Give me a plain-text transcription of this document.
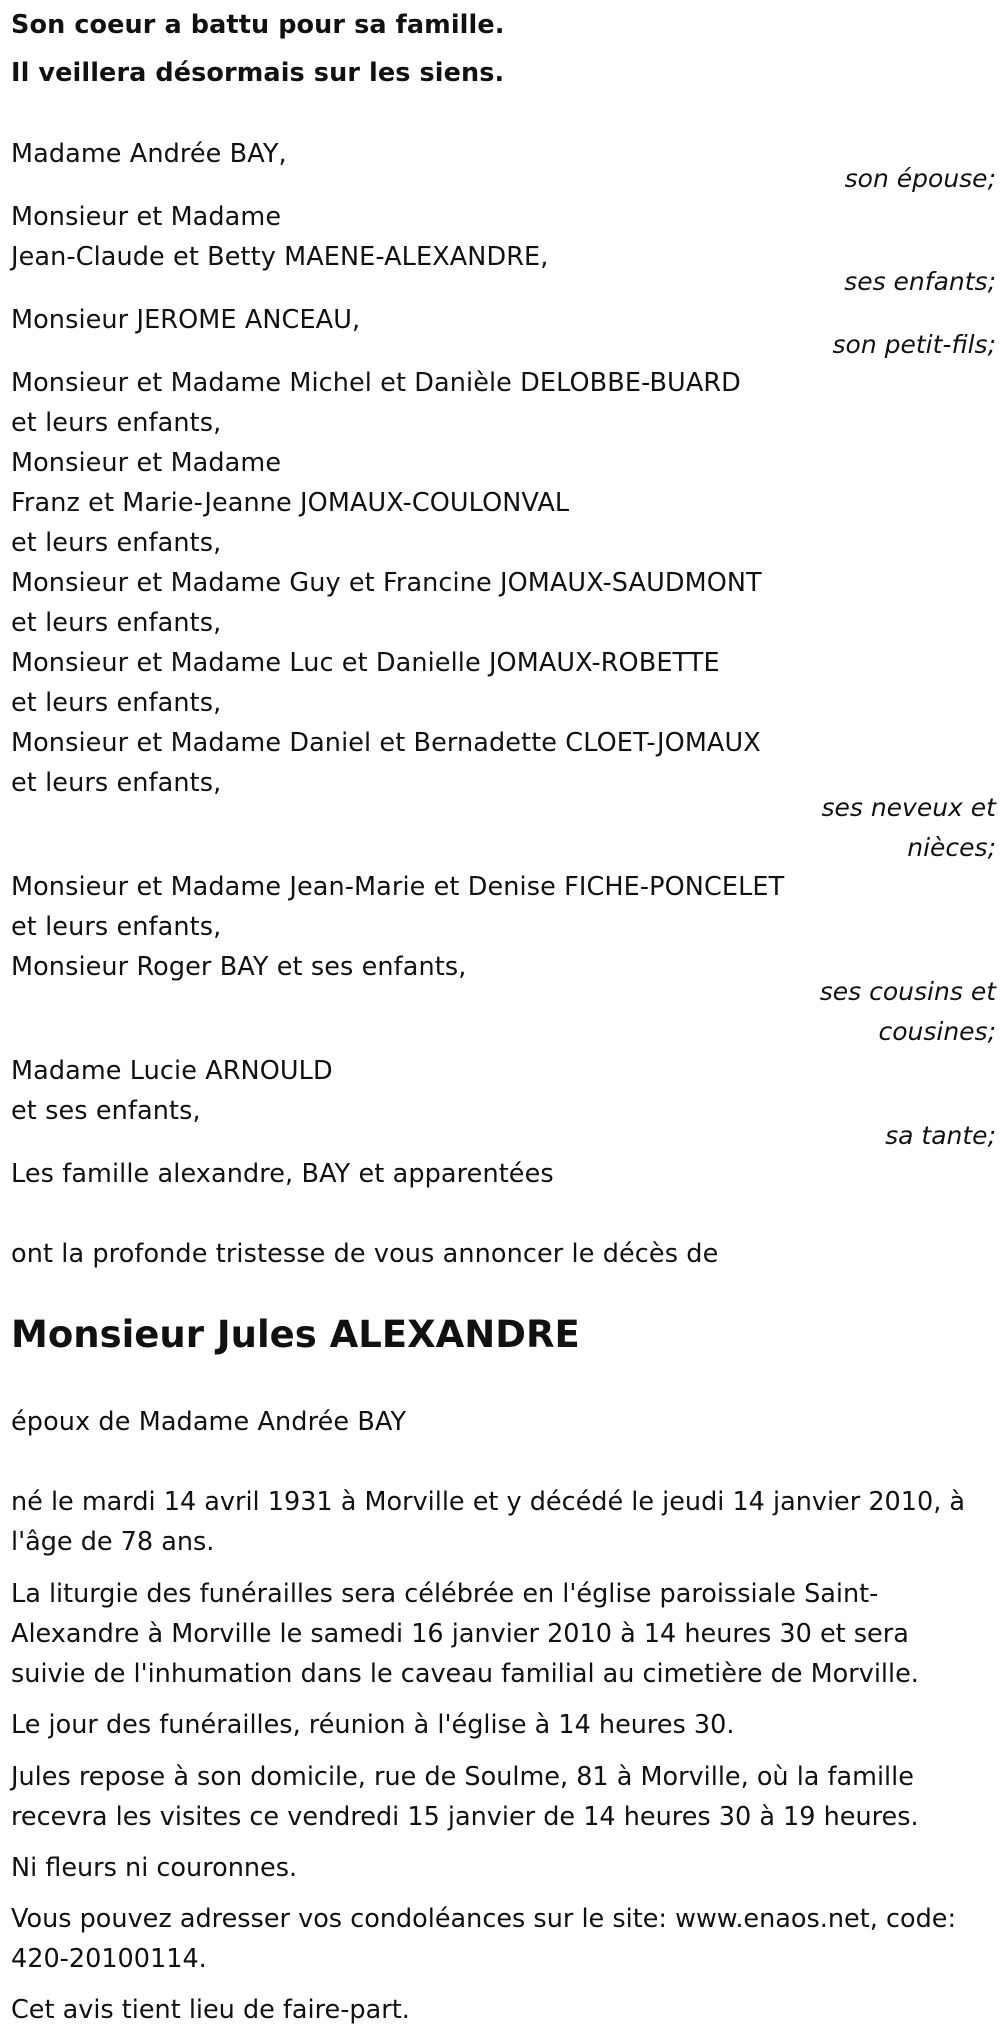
Son coeur a battu pour sa famille.
Il veillera désormais sur les siens.
Madame Andrée BAY,
son épouse;
Monsieur et Madame
Jean-Claude et Betty MAENE-ALEXANDRE,
ses enfants;
Monsieur JEROME ANCEAU,
son petit-fils;
Monsieur et Madame Michel et Danièle DELOBBE-BUARD
et leurs enfants,
Monsieur et Madame
Franz et Marie-Jeanne JOMAUX-COULONVAL
et leurs enfants,
Monsieur et Madame Guy et Francine JOMAUX-SAUDMONT
et leurs enfants,
Monsieur et Madame Luc et Danielle JOMAUX-ROBETTE
et leurs enfants,
Monsieur et Madame Daniel et Bernadette CLOET-JOMAUX
et leurs enfants,
ses neveux et
nièces;
Monsieur et Madame Jean-Marie et Denise FICHE-PONCELET
et leurs enfants,
Monsieur Roger BAY et ses enfants,
ses cousins et
cousines;
Madame Lucie ARNOULD
et ses enfants,
sa tante;
Les famille alexandre, BAY et apparentées
ont la profonde tristesse de vous annoncer le décès de
Monsieur Jules ALEXANDRE
époux de Madame Andrée BAY
né le mardi 14 avril 1931 à Morville et y décédé le jeudi 14 janvier 2010, à l'âge de 78 ans.
La liturgie des funérailles sera célébrée en l'église paroissiale Saint-Alexandre à Morville le samedi 16 janvier 2010 à 14 heures 30 et sera suivie de l'inhumation dans le caveau familial au cimetière de Morville.
Le jour des funérailles, réunion à l'église à 14 heures 30.
Jules repose à son domicile, rue de Soulme, 81 à Morville, où la famille recevra les visites ce vendredi 15 janvier de 14 heures 30 à 19 heures.
Ni fleurs ni couronnes.
Vous pouvez adresser vos condoléances sur le site: www.enaos.net, code: 420-20100114.
Cet avis tient lieu de faire-part.
